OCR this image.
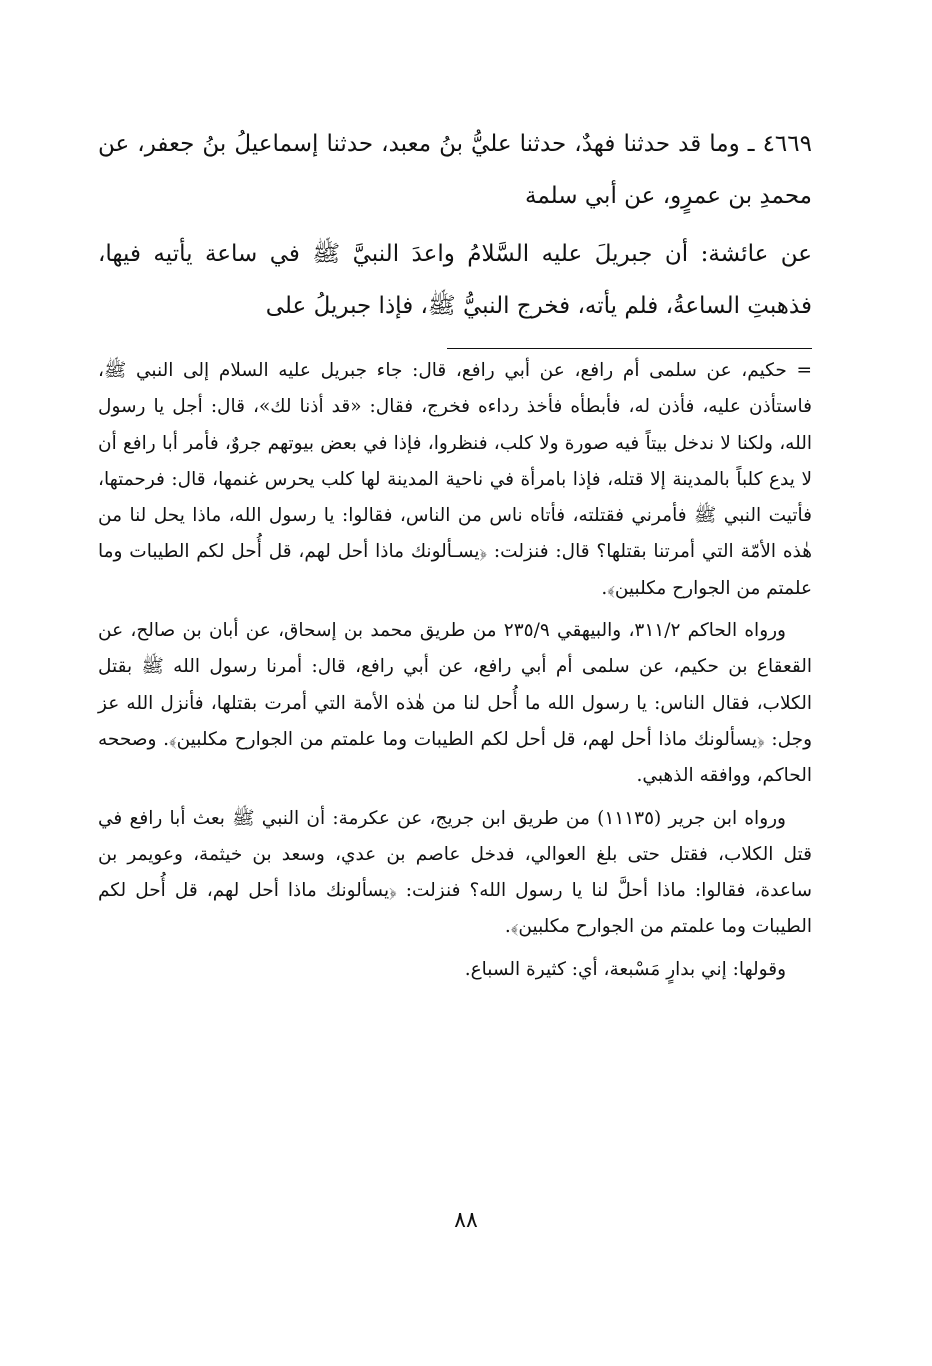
٤٦٦٩ ـ وما قد حدثنا فهدٌ، حدثنا عليُّ بنُ معبد، حدثنا إسماعيلُ بنُ جعفر، عن محمدِ بن عمرٍو، عن أبي سلمة

عن عائشة: أن جبريلَ عليه السَّلامُ واعدَ النبيَّ ﷺ في ساعة يأتيه فيها، فذهبتِ الساعةُ، فلم يأته، فخرج النبيُّ ﷺ، فإذا جبريلُ على

= حكيم، عن سلمى أم رافع، عن أبي رافع، قال: جاء جبريل عليه السلام إلى النبي ﷺ، فاستأذن عليه، فأذن له، فأبطأه فأخذ رداءه فخرج، فقال: «قد أذنا لك»، قال: أجل يا رسول الله، ولكنا لا ندخل بيتاً فيه صورة ولا كلب، فنظروا، فإذا في بعض بيوتهم جروٌ، فأمر أبا رافع أن لا يدع كلباً بالمدينة إلا قتله، فإذا بامرأة في ناحية المدينة لها كلب يحرس غنمها، قال: فرحمتها، فأتيت النبي ﷺ فأمرني فقتلته، فأتاه ناس من الناس، فقالوا: يا رسول الله، ماذا يحل لنا من هٰذه الأمّة التي أمرتنا بقتلها؟ قال: فنزلت: ﴿يسـألونك ماذا أحل لهم، قل أُحل لكم الطيبات وما علمتم من الجوارح مكلبين﴾.

ورواه الحاكم ٣١١/٢، والبيهقي ٢٣٥/٩ من طريق محمد بن إسحاق، عن أبان بن صالح، عن القعقاع بن حكيم، عن سلمى أم أبي رافع، عن أبي رافع، قال: أمرنا رسول الله ﷺ بقتل الكلاب، فقال الناس: يا رسول الله ما أُحل لنا من هٰذه الأمة التي أمرت بقتلها، فأنزل الله عز وجل: ﴿يسألونك ماذا أحل لهم، قل أحل لكم الطيبات وما علمتم من الجوارح مكلبين﴾. وصححه الحاكم، ووافقه الذهبي.

ورواه ابن جرير (١١١٣٥) من طريق ابن جريج، عن عكرمة: أن النبي ﷺ بعث أبا رافع في قتل الكلاب، فقتل حتى بلغ العوالي، فدخل عاصم بن عدي، وسعد بن خيثمة، وعويمر بن ساعدة، فقالوا: ماذا أحلَّ لنا يا رسول الله؟ فنزلت: ﴿يسألونك ماذا أحل لهم، قل أُحل لكم الطيبات وما علمتم من الجوارح مكلبين﴾.

وقولها: إني بدارٍ مَسْبعة، أي: كثيرة السباع.

٨٨
